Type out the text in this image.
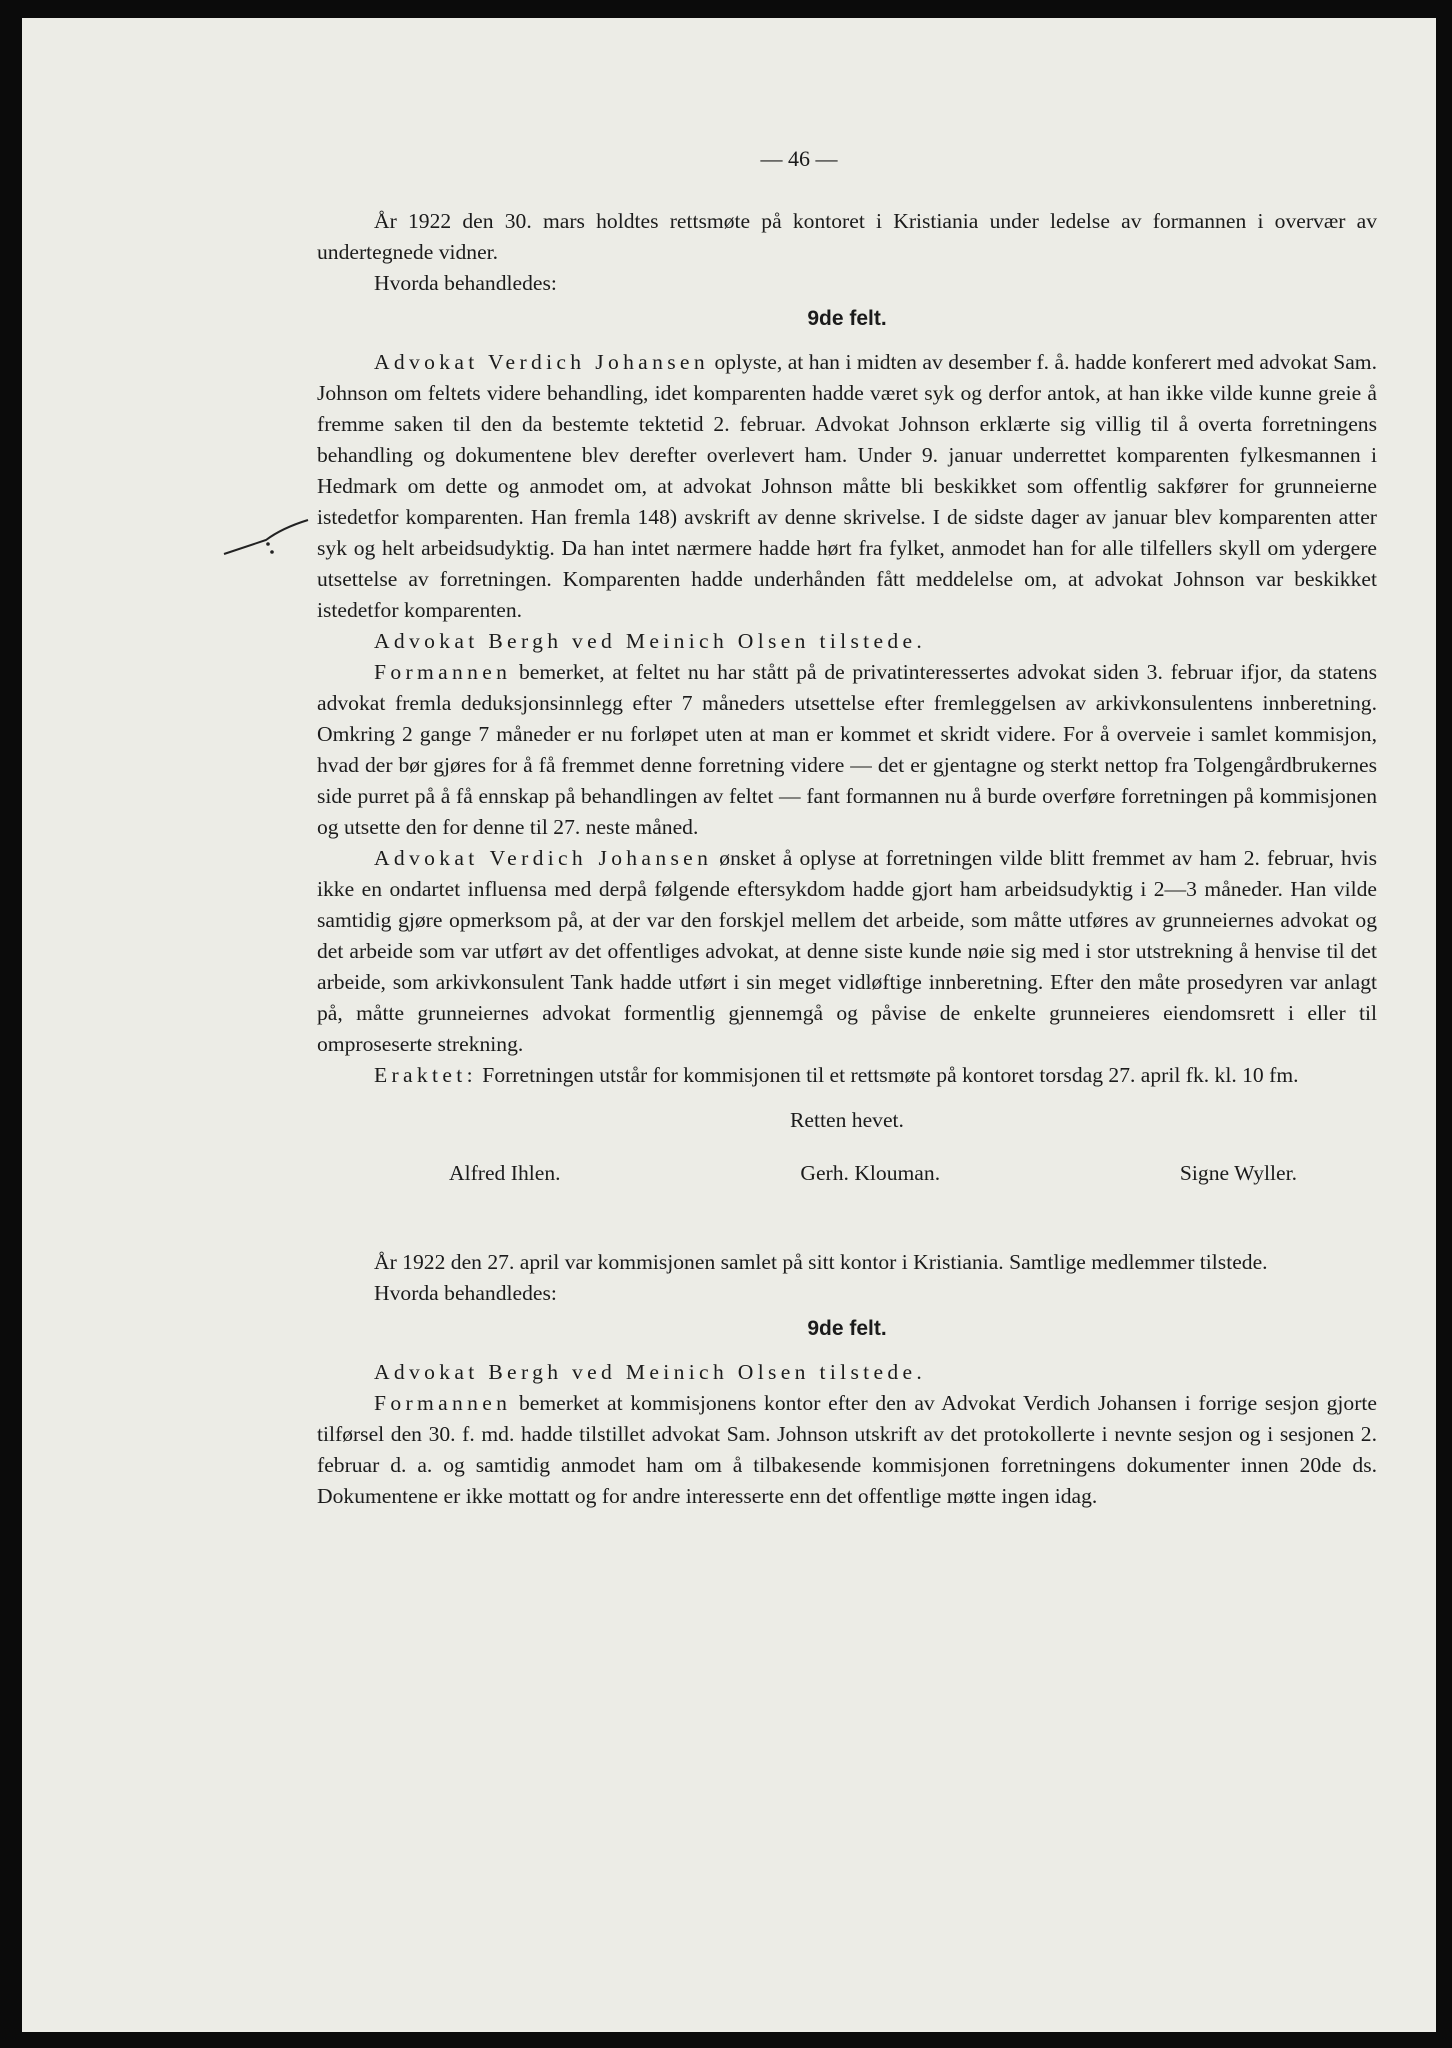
— 46 —

År 1922 den 30. mars holdtes rettsmøte på kontoret i Kristiania under ledelse av formannen i overvær av undertegnede vidner.

Hvorda behandledes:

9de felt.

Advokat Verdich Johansen oplyste, at han i midten av desember f. å. hadde konferert med advokat Sam. Johnson om feltets videre behandling, idet komparenten hadde været syk og derfor antok, at han ikke vilde kunne greie å fremme saken til den da bestemte tektetid 2. februar. Advokat Johnson erklærte sig villig til å overta forretningens behandling og dokumentene blev derefter overlevert ham. Under 9. januar underrettet komparenten fylkesmannen i Hedmark om dette og anmodet om, at advokat Johnson måtte bli beskikket som offentlig sakfører for grunneierne istedetfor komparenten. Han fremla 148) avskrift av denne skrivelse. I de sidste dager av januar blev komparenten atter syk og helt arbeidsudyktig. Da han intet nærmere hadde hørt fra fylket, anmodet han for alle tilfellers skyll om ydergere utsettelse av forretningen. Komparenten hadde underhånden fått meddelelse om, at advokat Johnson var beskikket istedetfor komparenten.

Advokat Bergh ved Meinich Olsen tilstede.

Formannen bemerket, at feltet nu har stått på de privatinteressertes advokat siden 3. februar ifjor, da statens advokat fremla deduksjonsinnlegg efter 7 måneders utsettelse efter fremleggelsen av arkivkonsulentens innberetning. Omkring 2 gange 7 måneder er nu forløpet uten at man er kommet et skridt videre. For å overveie i samlet kommisjon, hvad der bør gjøres for å få fremmet denne forretning videre — det er gjentagne og sterkt nettop fra Tolgengårdbrukernes side purret på å få ennskap på behandlingen av feltet — fant formannen nu å burde overføre forretningen på kommisjonen og utsette den for denne til 27. neste måned.

Advokat Verdich Johansen ønsket å oplyse at forretningen vilde blitt fremmet av ham 2. februar, hvis ikke en ondartet influensa med derpå følgende eftersykdom hadde gjort ham arbeidsudyktig i 2—3 måneder. Han vilde samtidig gjøre opmerksom på, at der var den forskjel mellem det arbeide, som måtte utføres av grunneiernes advokat og det arbeide som var utført av det offentliges advokat, at denne siste kunde nøie sig med i stor utstrekning å henvise til det arbeide, som arkivkonsulent Tank hadde utført i sin meget vidløftige innberetning. Efter den måte prosedyren var anlagt på, måtte grunneiernes advokat formentlig gjennemgå og påvise de enkelte grunneieres eiendomsrett i eller til omproseserte strekning.

Eraktet: Forretningen utstår for kommisjonen til et rettsmøte på kontoret torsdag 27. april fk. kl. 10 fm.

Retten hevet.

Alfred Ihlen.	Gerh. Klouman.	Signe Wyller.

År 1922 den 27. april var kommisjonen samlet på sitt kontor i Kristiania. Samtlige medlemmer tilstede.

Hvorda behandledes:

9de felt.

Advokat Bergh ved Meinich Olsen tilstede.

Formannen bemerket at kommisjonens kontor efter den av Advokat Verdich Johansen i forrige sesjon gjorte tilførsel den 30. f. md. hadde tilstillet advokat Sam. Johnson utskrift av det protokollerte i nevnte sesjon og i sesjonen 2. februar d. a. og samtidig anmodet ham om å tilbakesende kommisjonen forretningens dokumenter innen 20de ds. Dokumentene er ikke mottatt og for andre interesserte enn det offentlige møtte ingen idag.
